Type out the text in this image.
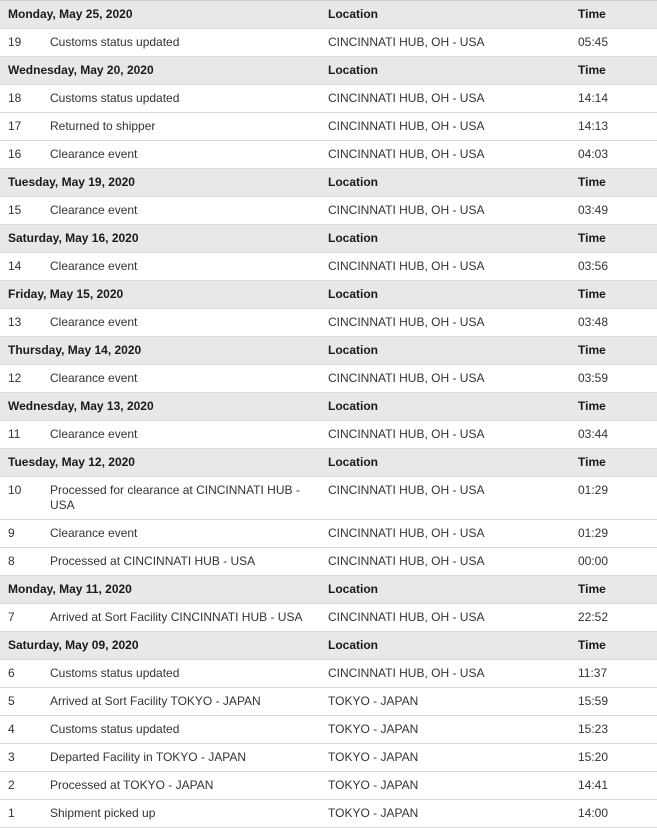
Monday, May 25, 2020		Location	Time
19	Customs status updated	CINCINNATI HUB, OH - USA	05:45
Wednesday, May 20, 2020		Location	Time
18	Customs status updated	CINCINNATI HUB, OH - USA	14:14
17	Returned to shipper	CINCINNATI HUB, OH - USA	14:13
16	Clearance event	CINCINNATI HUB, OH - USA	04:03
Tuesday, May 19, 2020		Location	Time
15	Clearance event	CINCINNATI HUB, OH - USA	03:49
Saturday, May 16, 2020		Location	Time
14	Clearance event	CINCINNATI HUB, OH - USA	03:56
Friday, May 15, 2020		Location	Time
13	Clearance event	CINCINNATI HUB, OH - USA	03:48
Thursday, May 14, 2020		Location	Time
12	Clearance event	CINCINNATI HUB, OH - USA	03:59
Wednesday, May 13, 2020		Location	Time
11	Clearance event	CINCINNATI HUB, OH - USA	03:44
Tuesday, May 12, 2020		Location	Time
10	Processed for clearance at CINCINNATI HUB - USA	CINCINNATI HUB, OH - USA	01:29
9	Clearance event	CINCINNATI HUB, OH - USA	01:29
8	Processed at CINCINNATI HUB - USA	CINCINNATI HUB, OH - USA	00:00
Monday, May 11, 2020		Location	Time
7	Arrived at Sort Facility CINCINNATI HUB - USA	CINCINNATI HUB, OH - USA	22:52
Saturday, May 09, 2020		Location	Time
6	Customs status updated	CINCINNATI HUB, OH - USA	11:37
5	Arrived at Sort Facility TOKYO - JAPAN	TOKYO - JAPAN	15:59
4	Customs status updated	TOKYO - JAPAN	15:23
3	Departed Facility in TOKYO - JAPAN	TOKYO - JAPAN	15:20
2	Processed at TOKYO - JAPAN	TOKYO - JAPAN	14:41
1	Shipment picked up	TOKYO - JAPAN	14:00
